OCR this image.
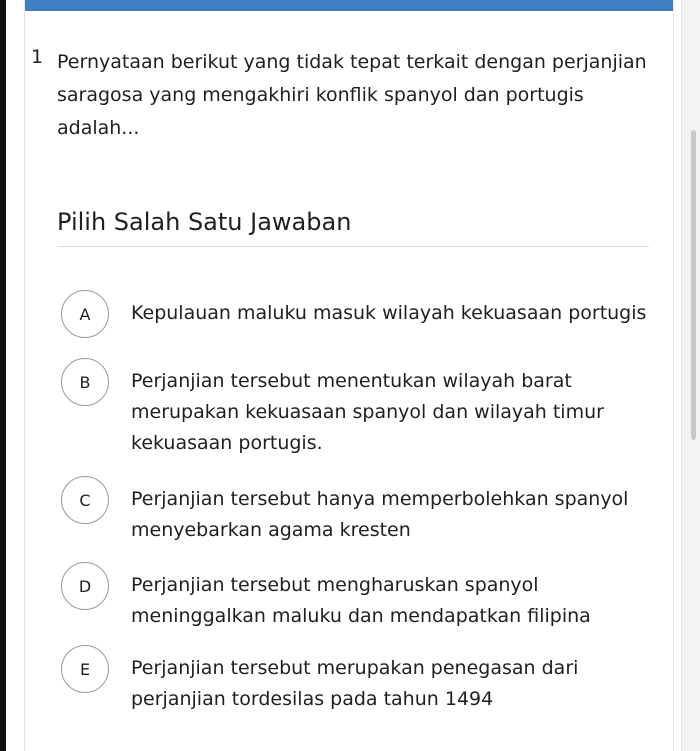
1 Pernyataan berikut yang tidak tepat terkait dengan perjanjian saragosa yang mengakhiri konflik spanyol dan portugis adalah...
Pilih Salah Satu Jawaban
A	Kepulauan maluku masuk wilayah kekuasaan portugis
B	Perjanjian tersebut menentukan wilayah barat merupakan kekuasaan spanyol dan wilayah timur kekuasaan portugis.
C	Perjanjian tersebut hanya memperbolehkan spanyol menyebarkan agama kresten
D	Perjanjian tersebut mengharuskan spanyol meninggalkan maluku dan mendapatkan filipina
E	Perjanjian tersebut merupakan penegasan dari perjanjian tordesilas pada tahun 1494
